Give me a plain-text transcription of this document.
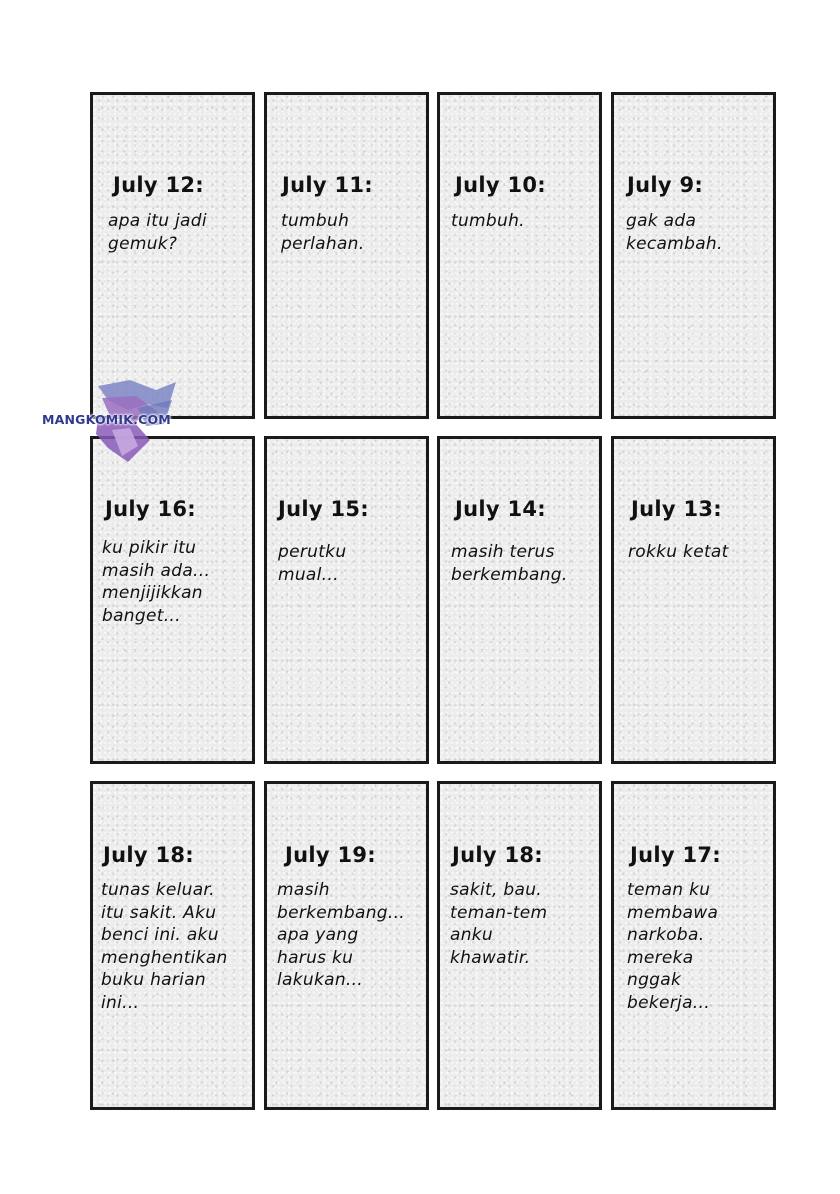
July 12:
apa itu jadi
gemuk?
July 11:
tumbuh
perlahan.
July 10:
tumbuh.
July 9:
gak ada
kecambah.
July 16:
ku pikir itu
masih ada...
menjijikkan
banget...
July 15:
perutku
mual...
July 14:
masih terus
berkembang.
July 13:
rokku ketat
July 18:
tunas keluar.
itu sakit. Aku
benci ini. aku
menghentikan
buku harian
ini...
July 19:
masih
berkembang...
apa yang
harus ku
lakukan...
July 18:
sakit, bau.
teman-tem
anku
khawatir.
July 17:
teman ku
membawa
narkoba.
mereka
nggak
bekerja...
MANGKOMIK.COM
